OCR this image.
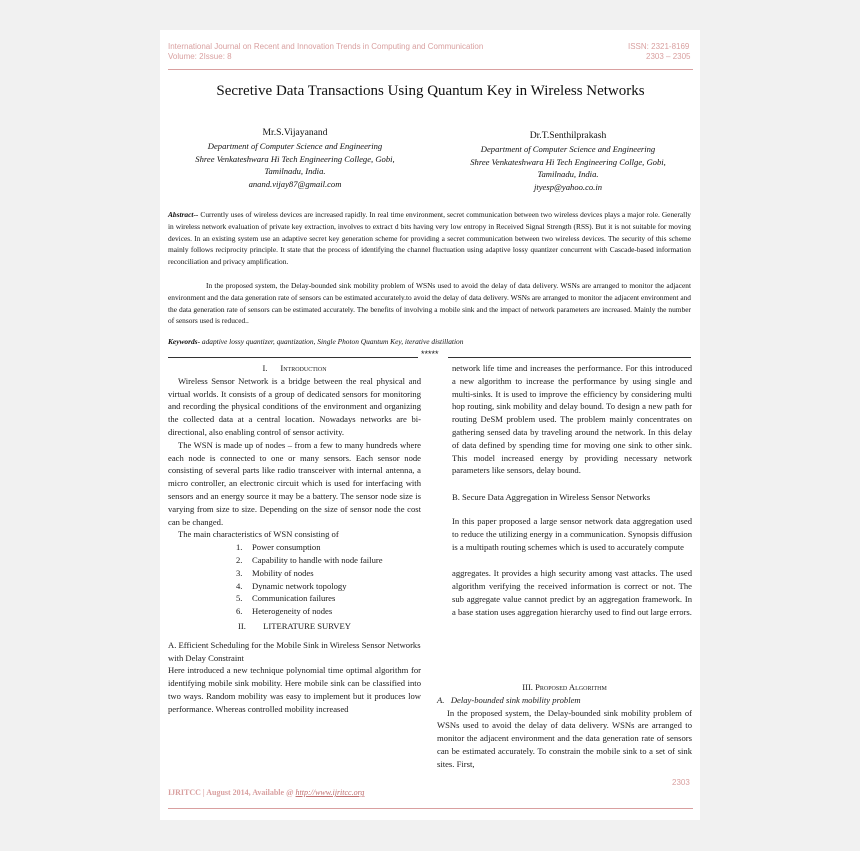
International Journal on Recent and Innovation Trends in Computing and Communication
Volume: 2Issue: 8
ISSN: 2321-8169
2303 – 2305
Secretive Data Transactions Using Quantum Key in Wireless Networks
Mr.S.Vijayanand
Department of Computer Science and Engineering
Shree Venkateshwara Hi Tech Engineering College, Gobi,
Tamilnadu, India.
anand.vijay87@gmail.com
Dr.T.Senthilprakash
Department of Computer Science and Engineering
Shree Venkateshwara Hi Tech Engineering Collge, Gobi,
Tamilnadu, India.
jtyesp@yahoo.co.in
Abstract-- Currently uses of wireless devices are increased rapidly. In real time environment, secret communication between two wireless devices plays a major role. Generally in wireless network evaluation of private key extraction, involves to extract d bits having very low entropy in Received Signal Strength (RSS). But it is not suitable for moving devices. In an existing system use an adaptive secret key generation scheme for providing a secret communication between two wireless devices. The security of this scheme mainly follows reciprocity principle. It state that the process of identifying the channel fluctuation using adaptive lossy quantizer concurrent with Cascade-based information reconciliation and privacy amplification.
In the proposed system, the Delay-bounded sink mobility problem of WSNs used to avoid the delay of data delivery. WSNs are arranged to monitor the adjacent environment and the data generation rate of sensors can be estimated accurately.to avoid the delay of data delivery. WSNs are arranged to monitor the adjacent environment and the data generation rate of sensors can be estimated accurately. The benefits of involving a mobile sink and the impact of network parameters are increased. Mainly the number of sensors used is reduced..
Keywords- adaptive lossy quantizer, quantization, Single Photon Quantum Key, iterative distillation
*****
I. Introduction
Wireless Sensor Network is a bridge between the real physical and virtual worlds. It consists of a group of dedicated sensors for monitoring and recording the physical conditions of the environment and organizing the collected data at a central location. Nowadays networks are bi-directional, also enabling control of sensor activity.
The WSN is made up of nodes – from a few to many hundreds where each node is connected to one or many sensors. Each sensor node consisting of several parts like radio transceiver with internal antenna, a micro controller, an electronic circuit which is used for interfacing with sensors and an energy source it may be a battery. The sensor node size is varying from size to size. Depending on the size of sensor node the cost can be changed.
The main characteristics of WSN consisting of
1.	Power consumption
2.	Capability to handle with node failure
3.	Mobility of nodes
4.	Dynamic network topology
5.	Communication failures
6.	Heterogeneity of nodes
II.        LITERATURE SURVEY
A. Efficient Scheduling for the Mobile Sink in Wireless Sensor Networks with Delay Constraint
Here introduced a new technique polynomial time optimal algorithm for identifying mobile sink mobility. Here mobile sink can be classified into two ways. Random mobility was easy to implement but it produces low performance. Whereas controlled mobility increased
network life time and increases the performance. For this introduced a new algorithm to increase the performance by using single and multi-sinks. It is used to improve the efficiency by considering multi hop routing, sink mobility and delay bound. To design a new path for routing DeSM problem used. The problem mainly concentrates on gathering sensed data by traveling around the network. In this delay of data defined by spending time for moving one sink to other sink. This model increased energy by providing necessary network parameters like sensors, delay bound.
B. Secure Data Aggregation in Wireless Sensor Networks
In this paper proposed a large sensor network data aggregation used to reduce the utilizing energy in a communication. Synopsis diffusion is a multipath routing schemes which is used to accurately compute
aggregates. It provides a high security among vast attacks. The used algorithm verifying the received information is correct or not. The sub aggregate value cannot predict by an aggregation framework. In a base station uses aggregation hierarchy used to find out large errors.
III. Proposed Algorithm
A.   Delay-bounded sink mobility problem
In the proposed system, the Delay-bounded sink mobility problem of WSNs used to avoid the delay of data delivery. WSNs are arranged to monitor the adjacent environment and the data generation rate of sensors can be estimated accurately. To constrain the mobile sink to a set of sink sites. First,
2303
IJRITCC | August 2014, Available @ http://www.ijritcc.org
